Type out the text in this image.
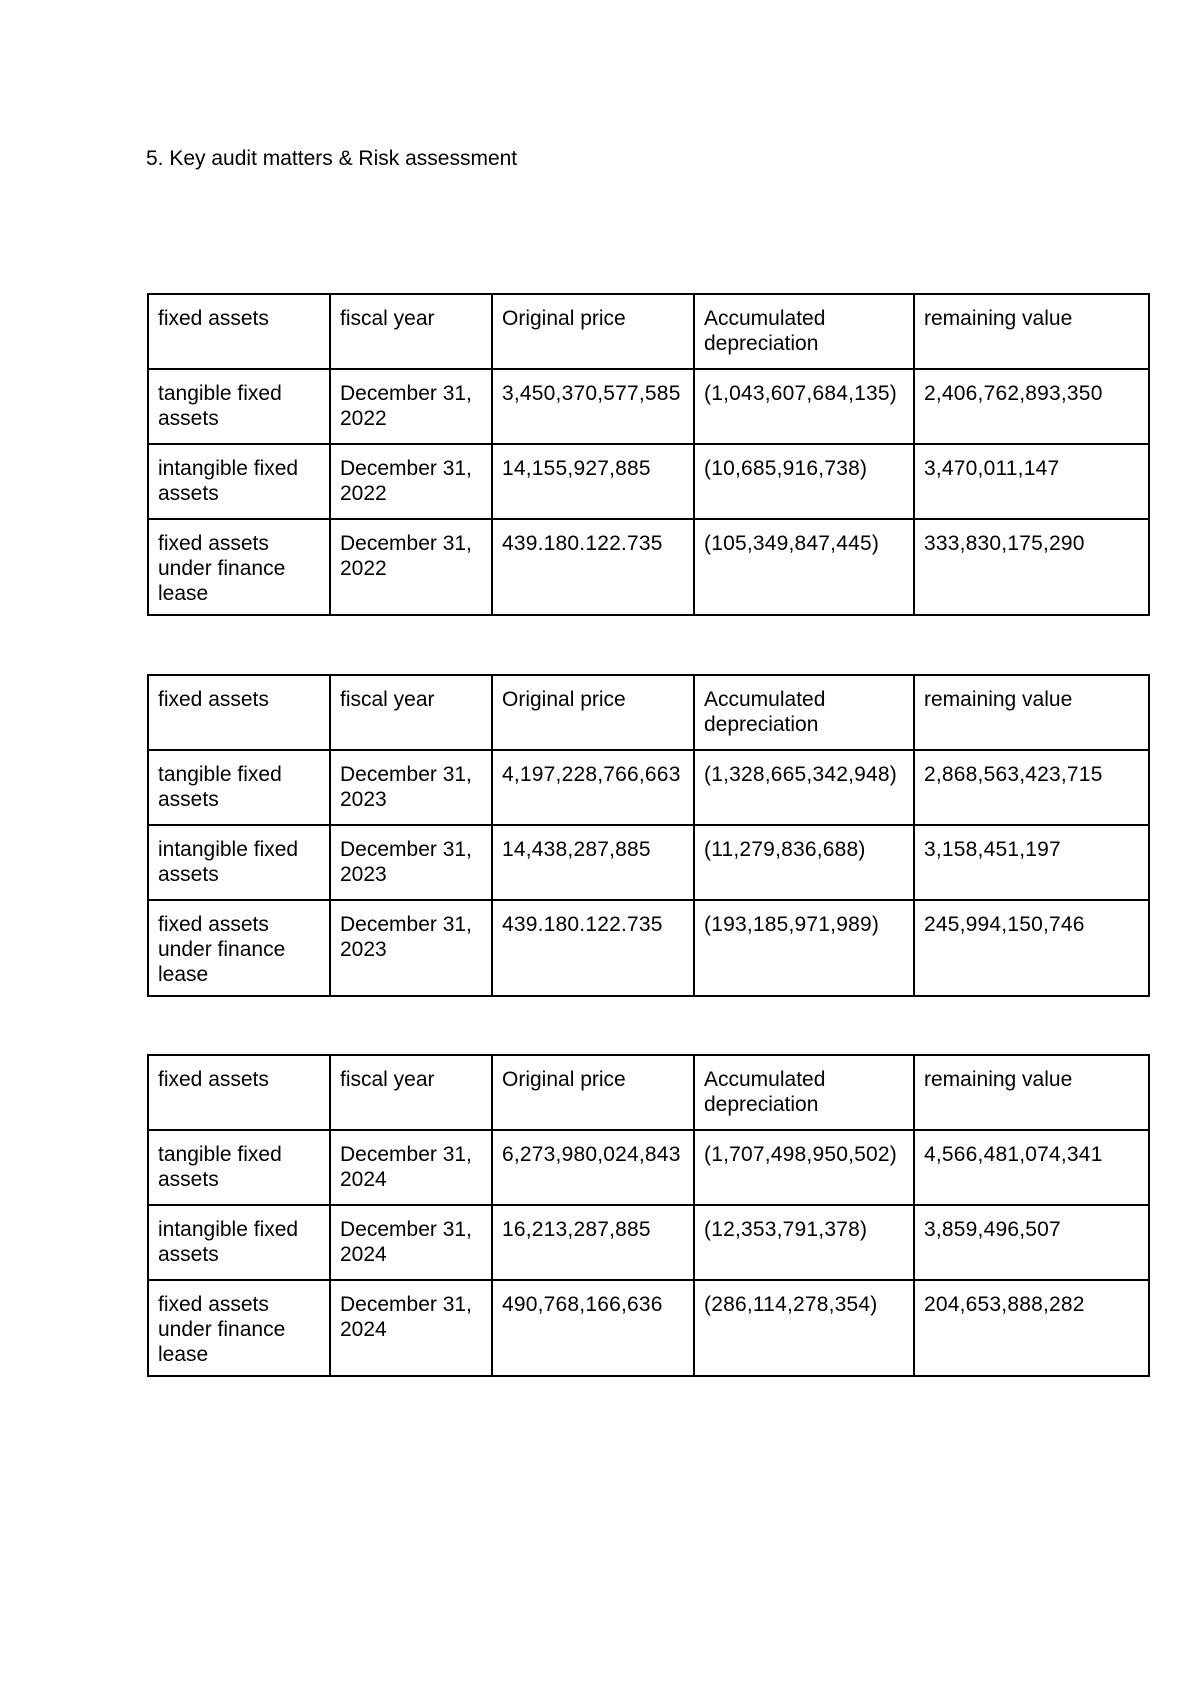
5. Key audit matters & Risk assessment
fixed assets	fiscal year	Original price	Accumulated depreciation	remaining value
tangible fixed assets	December 31, 2022	3,450,370,577,585	(1,043,607,684,135)	2,406,762,893,350
intangible fixed assets	December 31, 2022	14,155,927,885	(10,685,916,738)	3,470,011,147
fixed assets under finance lease	December 31, 2022	439.180.122.735	(105,349,847,445)	333,830,175,290
fixed assets	fiscal year	Original price	Accumulated depreciation	remaining value
tangible fixed assets	December 31, 2023	4,197,228,766,663	(1,328,665,342,948)	2,868,563,423,715
intangible fixed assets	December 31, 2023	14,438,287,885	(11,279,836,688)	3,158,451,197
fixed assets under finance lease	December 31, 2023	439.180.122.735	(193,185,971,989)	245,994,150,746
fixed assets	fiscal year	Original price	Accumulated depreciation	remaining value
tangible fixed assets	December 31, 2024	6,273,980,024,843	(1,707,498,950,502)	4,566,481,074,341
intangible fixed assets	December 31, 2024	16,213,287,885	(12,353,791,378)	3,859,496,507
fixed assets under finance lease	December 31, 2024	490,768,166,636	(286,114,278,354)	204,653,888,282
